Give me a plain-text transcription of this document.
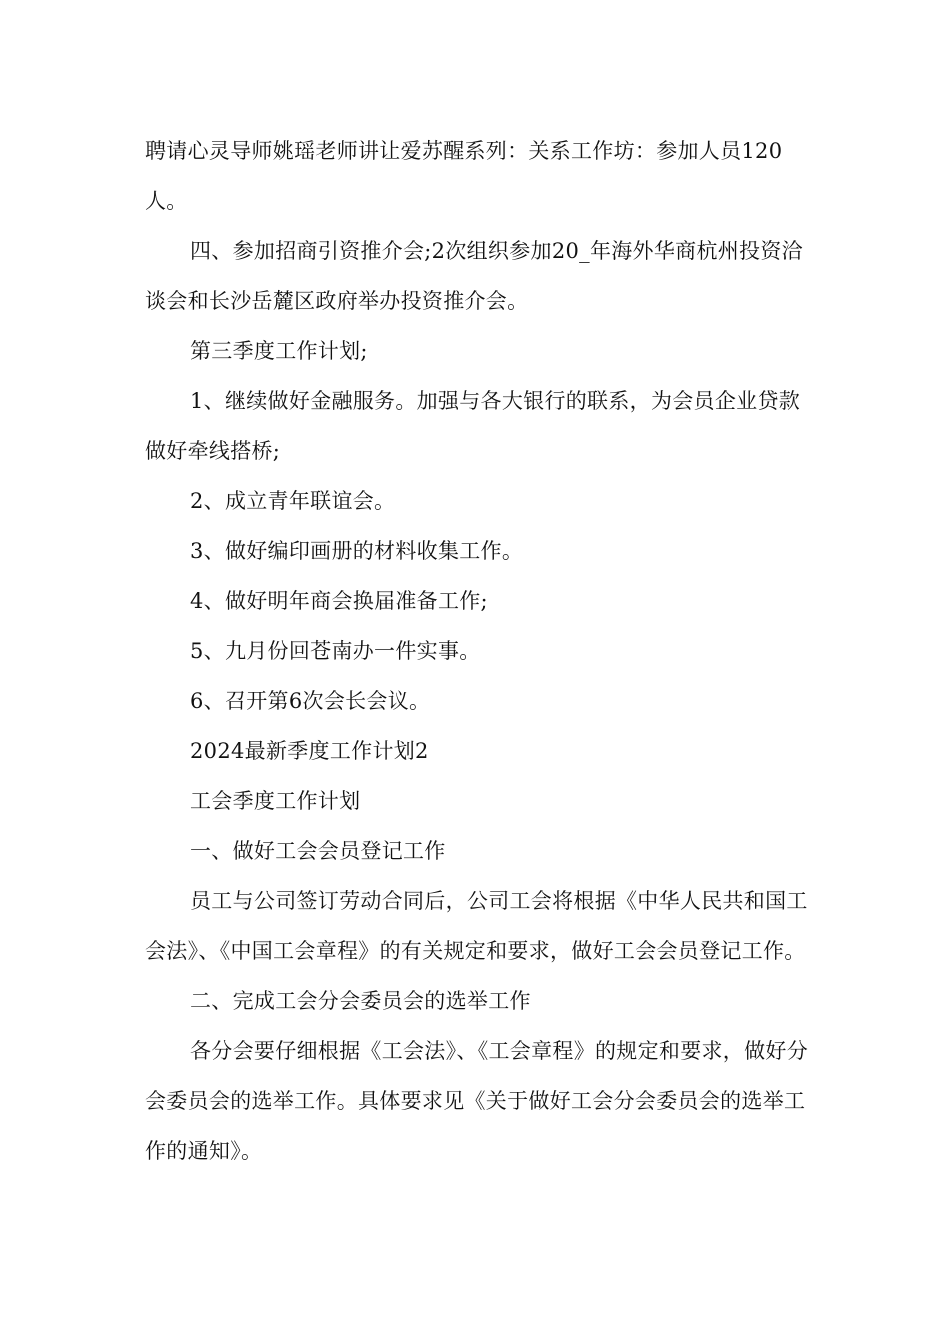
聘请心灵导师姚瑶老师讲让爱苏醒系列：关系工作坊：参加人员120人。

四、参加招商引资推介会;2次组织参加20_年海外华商杭州投资洽谈会和长沙岳麓区政府举办投资推介会。

第三季度工作计划;

1、继续做好金融服务。加强与各大银行的联系，为会员企业贷款做好牵线搭桥;

2、成立青年联谊会。

3、做好编印画册的材料收集工作。

4、做好明年商会换届准备工作;

5、九月份回苍南办一件实事。

6、召开第6次会长会议。

2024最新季度工作计划2

工会季度工作计划

一、做好工会会员登记工作

员工与公司签订劳动合同后，公司工会将根据《中华人民共和国工会法》、《中国工会章程》的有关规定和要求，做好工会会员登记工作。

二、完成工会分会委员会的选举工作

各分会要仔细根据《工会法》、《工会章程》的规定和要求，做好分会委员会的选举工作。具体要求见《关于做好工会分会委员会的选举工作的通知》。
